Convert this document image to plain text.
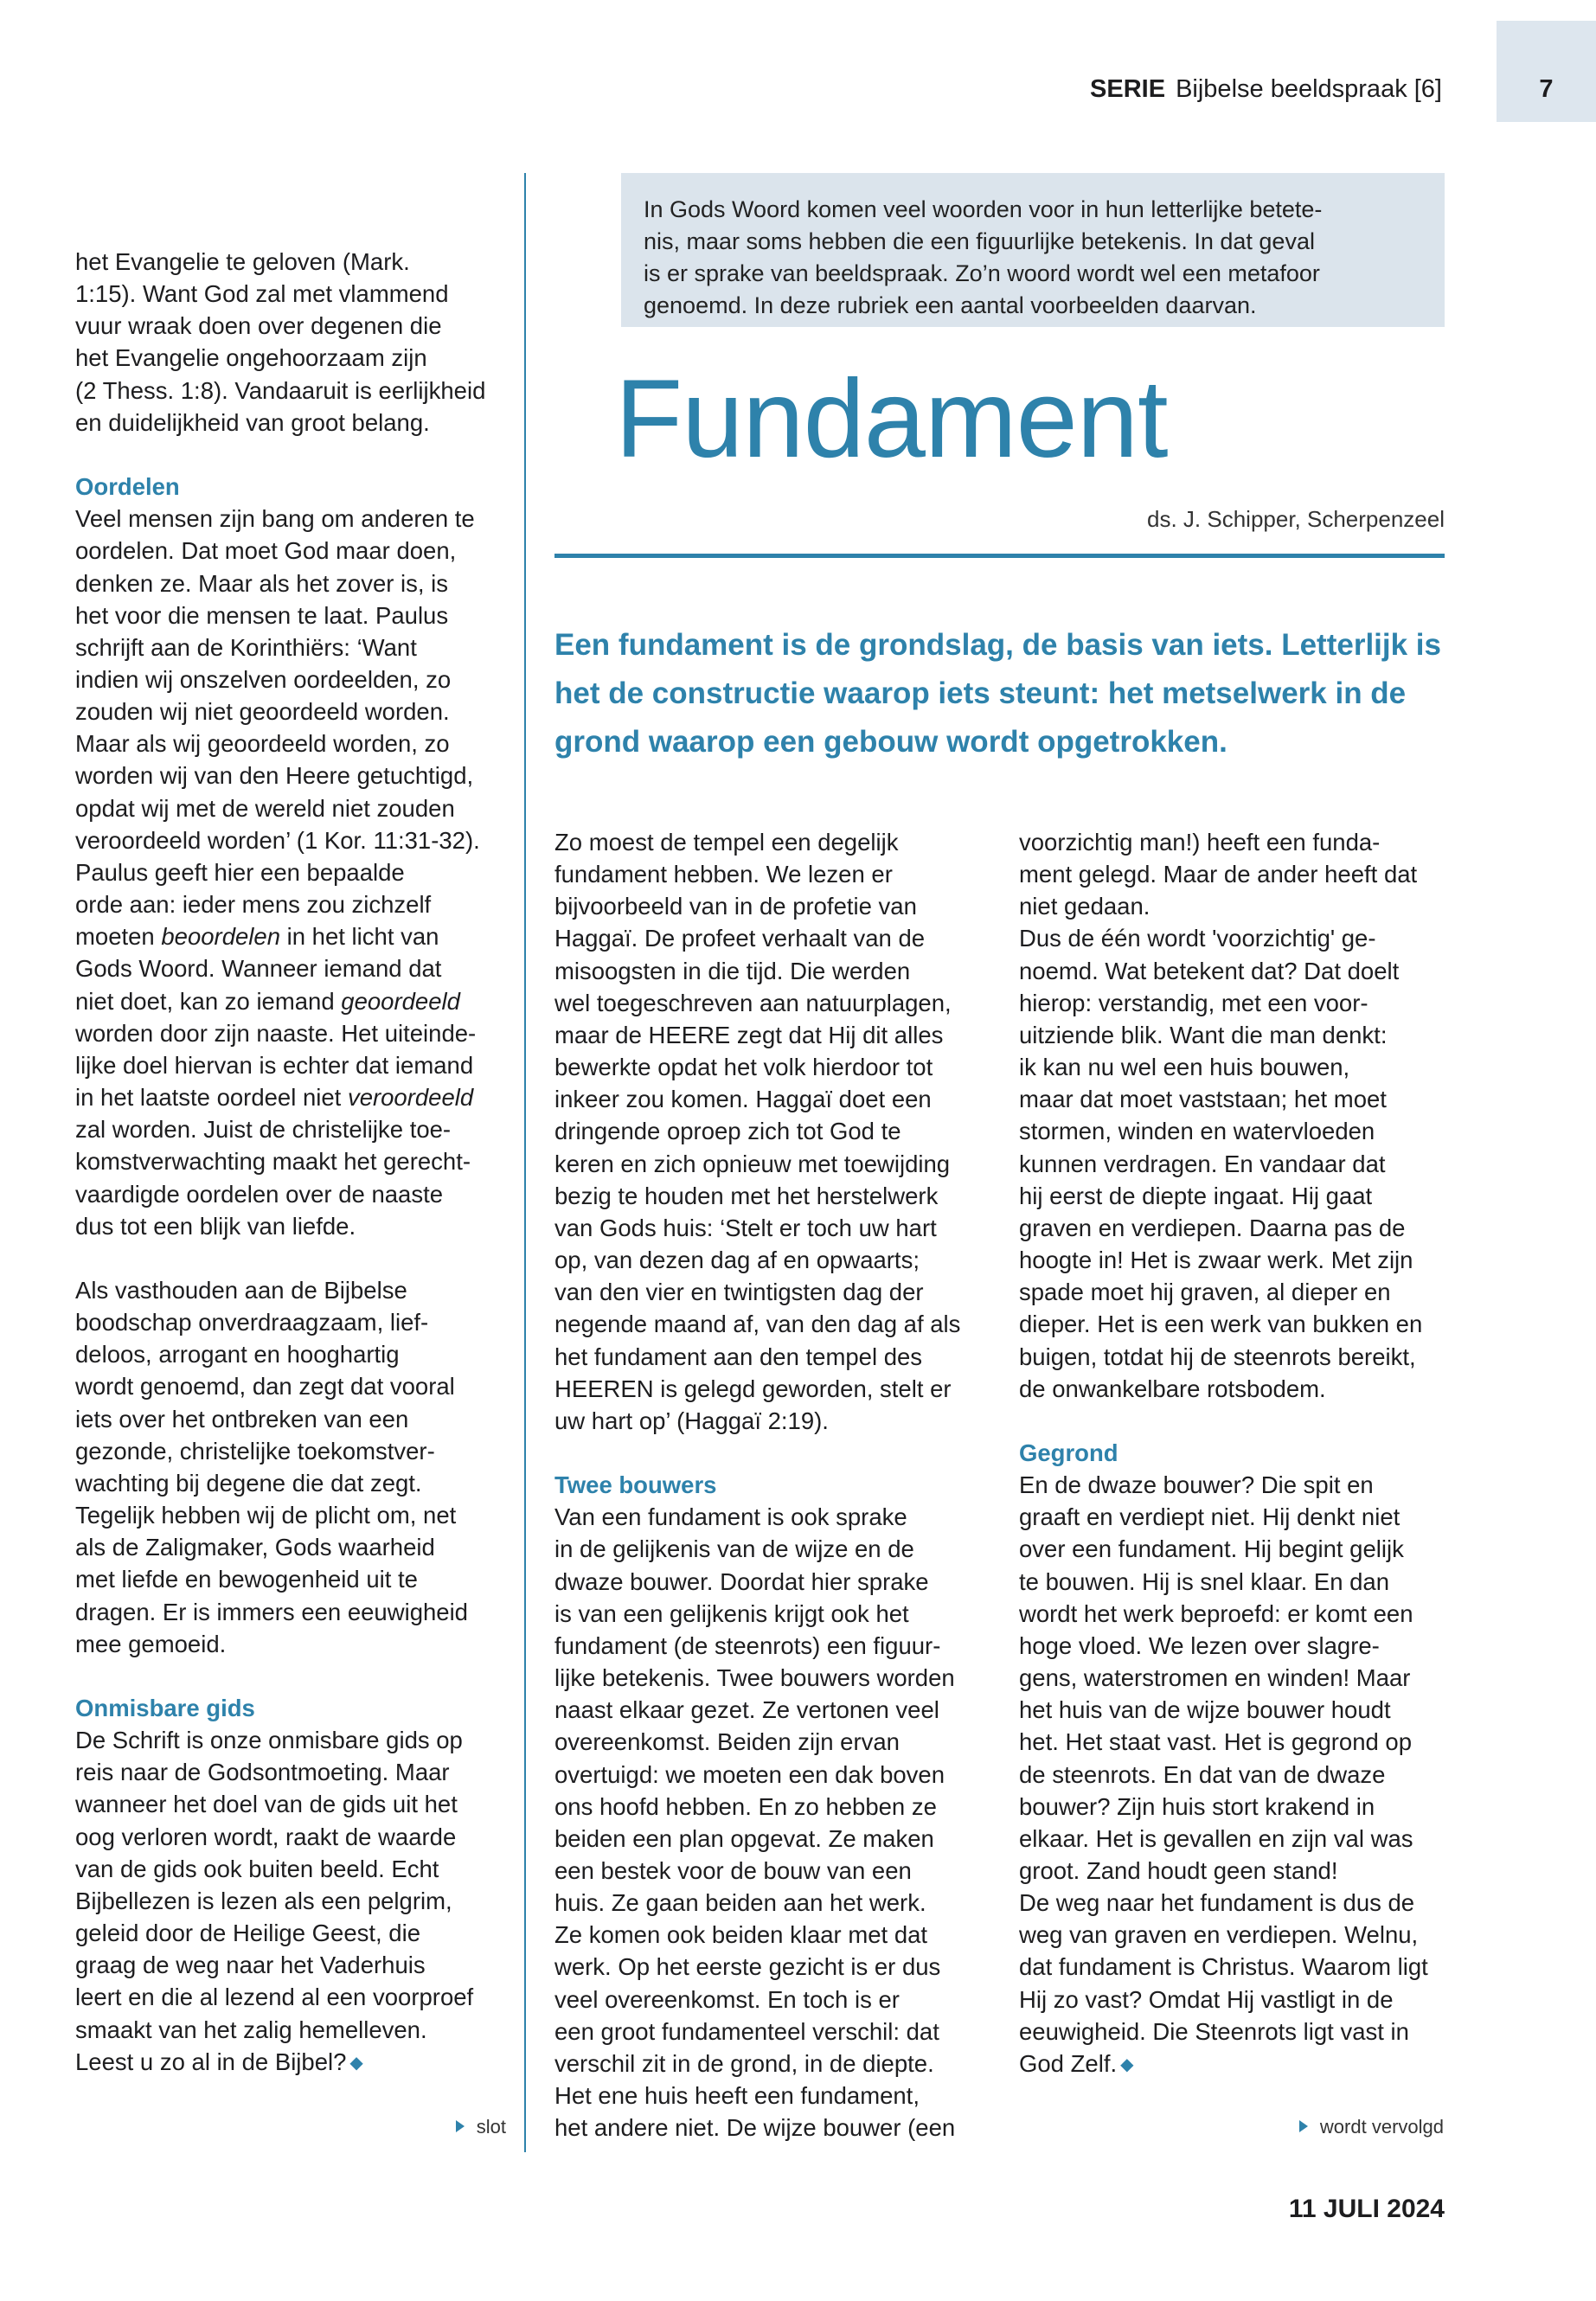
SERIE Bijbelse beeldspraak [6]	7

In Gods Woord komen veel woorden voor in hun letterlijke betete-
nis, maar soms hebben die een figuurlijke betekenis. In dat geval
is er sprake van beeldspraak. Zo’n woord wordt wel een metafoor
genoemd. In deze rubriek een aantal voorbeelden daarvan.

Fundament
ds. J. Schipper, Scherpenzeel

Een fundament is de grondslag, de basis van iets. Letterlijk is
het de constructie waarop iets steunt: het metselwerk in de
grond waarop een gebouw wordt opgetrokken.

het Evangelie te geloven (Mark.
1:15). Want God zal met vlammend
vuur wraak doen over degenen die
het Evangelie ongehoorzaam zijn
(2 Thess. 1:8). Vandaaruit is eerlijkheid
en duidelijkheid van groot belang.

Oordelen

Veel mensen zijn bang om anderen te
oordelen. Dat moet God maar doen,
denken ze. Maar als het zover is, is
het voor die mensen te laat. Paulus
schrijft aan de Korinthiërs: ‘Want
indien wij onszelven oordeelden, zo
zouden wij niet geoordeeld worden.
Maar als wij geoordeeld worden, zo
worden wij van den Heere getuchtigd,
opdat wij met de wereld niet zouden
veroordeeld worden’ (1 Kor. 11:31-32).
Paulus geeft hier een bepaalde
orde aan: ieder mens zou zichzelf
moeten beoordelen in het licht van
Gods Woord. Wanneer iemand dat
niet doet, kan zo iemand geoordeeld
worden door zijn naaste. Het uiteinde-
lijke doel hiervan is echter dat iemand
in het laatste oordeel niet veroordeeld
zal worden. Juist de christelijke toe-
komstverwachting maakt het gerecht-
vaardigde oordelen over de naaste
dus tot een blijk van liefde.

Als vasthouden aan de Bijbelse
boodschap onverdraagzaam, lief-
deloos, arrogant en hooghartig
wordt genoemd, dan zegt dat vooral
iets over het ontbreken van een
gezonde, christelijke toekomstver-
wachting bij degene die dat zegt.
Tegelijk hebben wij de plicht om, net
als de Zaligmaker, Gods waarheid
met liefde en bewogenheid uit te
dragen. Er is immers een eeuwigheid
mee gemoeid.

Onmisbare gids

De Schrift is onze onmisbare gids op
reis naar de Godsontmoeting. Maar
wanneer het doel van de gids uit het
oog verloren wordt, raakt de waarde
van de gids ook buiten beeld. Echt
Bijbellezen is lezen als een pelgrim,
geleid door de Heilige Geest, die
graag de weg naar het Vaderhuis
leert en die al lezend al een voorproef
smaakt van het zalig hemelleven.
Leest u zo al in de Bijbel? ◆

Zo moest de tempel een degelijk
fundament hebben. We lezen er
bijvoorbeeld van in de profetie van
Haggaï. De profeet verhaalt van de
misoogsten in die tijd. Die werden
wel toegeschreven aan natuurplagen,
maar de HEERE zegt dat Hij dit alles
bewerkte opdat het volk hierdoor tot
inkeer zou komen. Haggaï doet een
dringende oproep zich tot God te
keren en zich opnieuw met toewijding
bezig te houden met het herstelwerk
van Gods huis: ‘Stelt er toch uw hart
op, van dezen dag af en opwaarts;
van den vier en twintigsten dag der
negende maand af, van den dag af als
het fundament aan den tempel des
HEEREN is gelegd geworden, stelt er
uw hart op’ (Haggaï 2:19).

Twee bouwers

Van een fundament is ook sprake
in de gelijkenis van de wijze en de
dwaze bouwer. Doordat hier sprake
is van een gelijkenis krijgt ook het
fundament (de steenrots) een figuur-
lijke betekenis. Twee bouwers worden
naast elkaar gezet. Ze vertonen veel
overeenkomst. Beiden zijn ervan
overtuigd: we moeten een dak boven
ons hoofd hebben. En zo hebben ze
beiden een plan opgevat. Ze maken
een bestek voor de bouw van een
huis. Ze gaan beiden aan het werk.
Ze komen ook beiden klaar met dat
werk. Op het eerste gezicht is er dus
veel overeenkomst. En toch is er
een groot fundamenteel verschil: dat
verschil zit in de grond, in de diepte.
Het ene huis heeft een fundament,
het andere niet. De wijze bouwer (een

voorzichtig man!) heeft een funda-
ment gelegd. Maar de ander heeft dat
niet gedaan.
Dus de één wordt 'voorzichtig' ge-
noemd. Wat betekent dat? Dat doelt
hierop: verstandig, met een voor-
uitziende blik. Want die man denkt:
ik kan nu wel een huis bouwen,
maar dat moet vaststaan; het moet
stormen, winden en watervloeden
kunnen verdragen. En vandaar dat
hij eerst de diepte ingaat. Hij gaat
graven en verdiepen. Daarna pas de
hoogte in! Het is zwaar werk. Met zijn
spade moet hij graven, al dieper en
dieper. Het is een werk van bukken en
buigen, totdat hij de steenrots bereikt,
de onwankelbare rotsbodem.

Gegrond

En de dwaze bouwer? Die spit en
graaft en verdiept niet. Hij denkt niet
over een fundament. Hij begint gelijk
te bouwen. Hij is snel klaar. En dan
wordt het werk beproefd: er komt een
hoge vloed. We lezen over slagre-
gens, waterstromen en winden! Maar
het huis van de wijze bouwer houdt
het. Het staat vast. Het is gegrond op
de steenrots. En dat van de dwaze
bouwer? Zijn huis stort krakend in
elkaar. Het is gevallen en zijn val was
groot. Zand houdt geen stand!
De weg naar het fundament is dus de
weg van graven en verdiepen. Welnu,
dat fundament is Christus. Waarom ligt
Hij zo vast? Omdat Hij vastligt in de
eeuwigheid. Die Steenrots ligt vast in
God Zelf. ◆

slot	wordt vervolgd
11 JULI 2024
